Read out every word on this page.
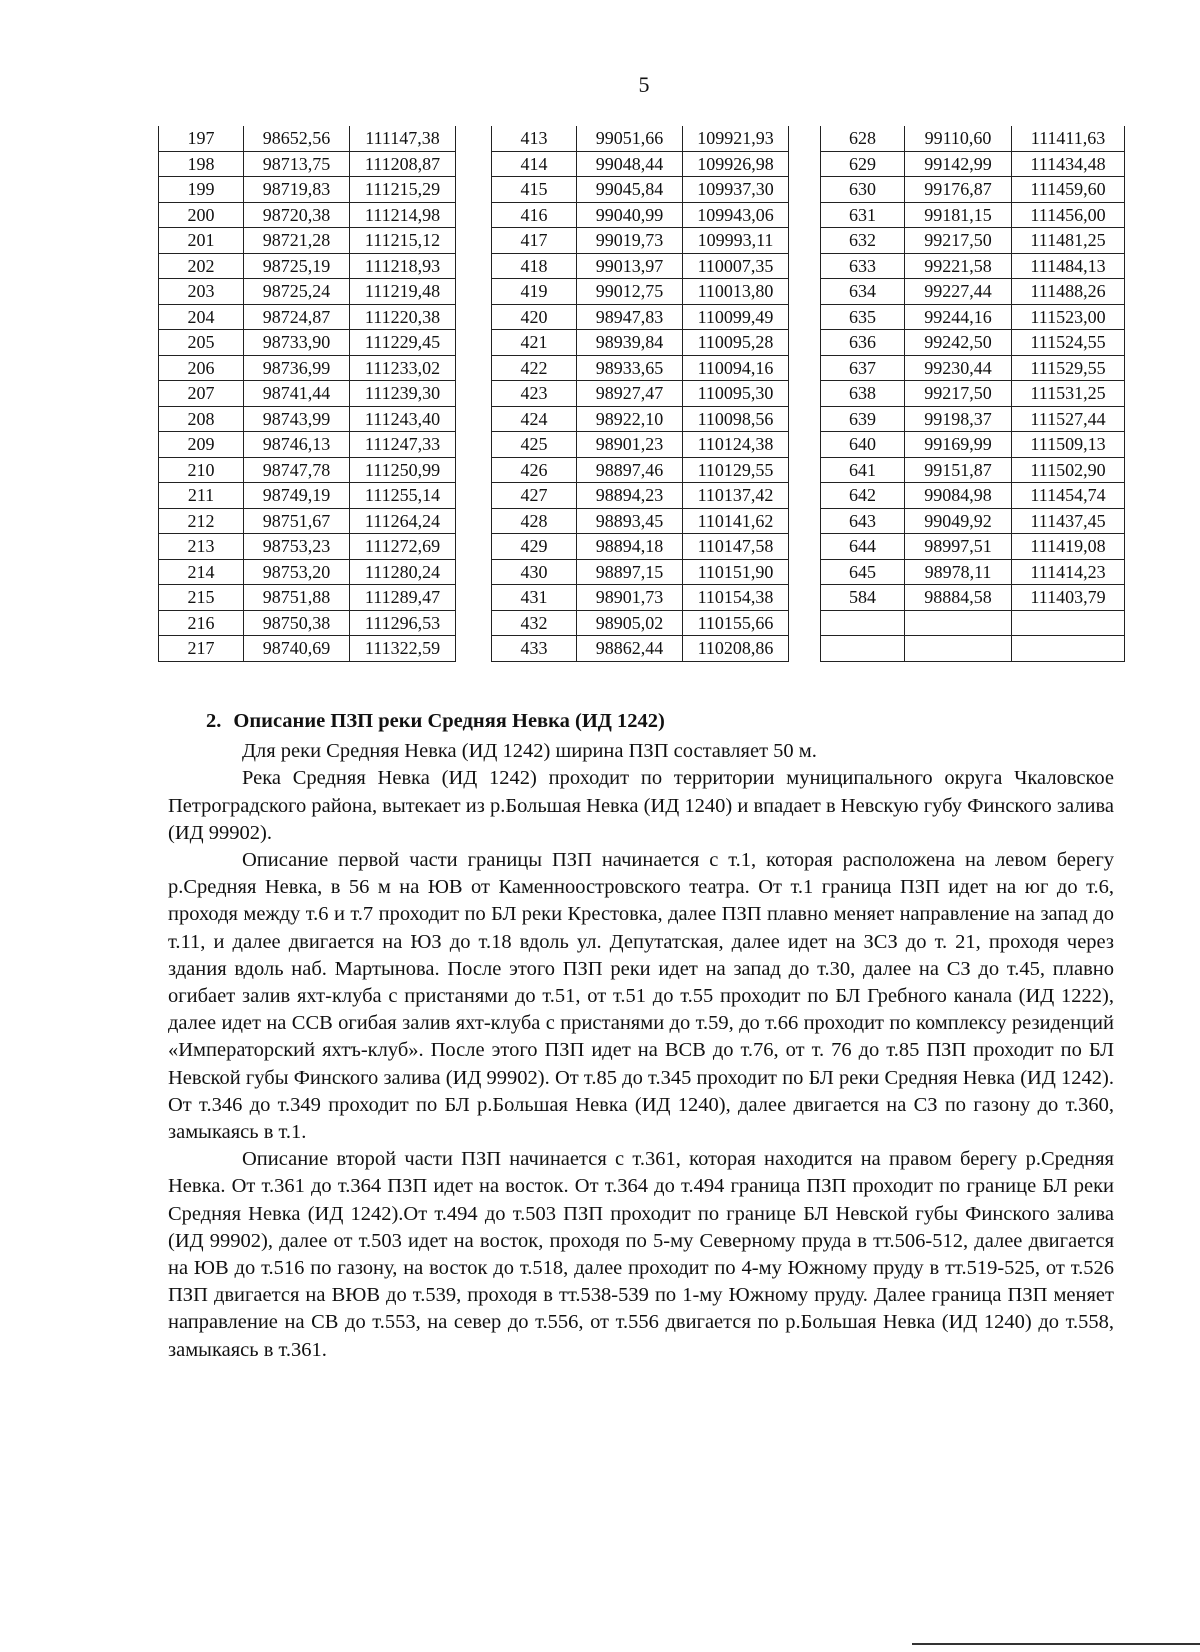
5
197	98652,56	111147,38
198	98713,75	111208,87
199	98719,83	111215,29
200	98720,38	111214,98
201	98721,28	111215,12
202	98725,19	111218,93
203	98725,24	111219,48
204	98724,87	111220,38
205	98733,90	111229,45
206	98736,99	111233,02
207	98741,44	111239,30
208	98743,99	111243,40
209	98746,13	111247,33
210	98747,78	111250,99
211	98749,19	111255,14
212	98751,67	111264,24
213	98753,23	111272,69
214	98753,20	111280,24
215	98751,88	111289,47
216	98750,38	111296,53
217	98740,69	111322,59
413	99051,66	109921,93
414	99048,44	109926,98
415	99045,84	109937,30
416	99040,99	109943,06
417	99019,73	109993,11
418	99013,97	110007,35
419	99012,75	110013,80
420	98947,83	110099,49
421	98939,84	110095,28
422	98933,65	110094,16
423	98927,47	110095,30
424	98922,10	110098,56
425	98901,23	110124,38
426	98897,46	110129,55
427	98894,23	110137,42
428	98893,45	110141,62
429	98894,18	110147,58
430	98897,15	110151,90
431	98901,73	110154,38
432	98905,02	110155,66
433	98862,44	110208,86
628	99110,60	111411,63
629	99142,99	111434,48
630	99176,87	111459,60
631	99181,15	111456,00
632	99217,50	111481,25
633	99221,58	111484,13
634	99227,44	111488,26
635	99244,16	111523,00
636	99242,50	111524,55
637	99230,44	111529,55
638	99217,50	111531,25
639	99198,37	111527,44
640	99169,99	111509,13
641	99151,87	111502,90
642	99084,98	111454,74
643	99049,92	111437,45
644	98997,51	111419,08
645	98978,11	111414,23
584	98884,58	111403,79

2. Описание ПЗП реки Средняя Невка (ИД 1242)

Для реки Средняя Невка (ИД 1242) ширина ПЗП составляет 50 м.

Река Средняя Невка (ИД 1242) проходит по территории муниципального округа Чкаловское Петроградского района, вытекает из р.Большая Невка (ИД 1240) и впадает в Невскую губу Финского залива (ИД 99902).

Описание первой части границы ПЗП начинается с т.1, которая расположена на левом берегу р.Средняя Невка, в 56 м на ЮВ от Каменноостровского театра. От т.1 граница ПЗП идет на юг до т.6, проходя между т.6 и т.7 проходит по БЛ реки Крестовка, далее ПЗП плавно меняет направление на запад до т.11, и далее двигается на ЮЗ до т.18 вдоль ул. Депутатская, далее идет на ЗСЗ до т. 21, проходя через здания вдоль наб. Мартынова. После этого ПЗП реки идет на запад до т.30, далее на СЗ до т.45, плавно огибает залив яхт-клуба с пристанями до т.51, от т.51 до т.55 проходит по БЛ Гребного канала (ИД 1222), далее идет на ССВ огибая залив яхт-клуба с пристанями до т.59, до т.66 проходит по комплексу резиденций «Императорский яхтъ-клуб». После этого ПЗП идет на ВСВ до т.76, от т. 76 до т.85 ПЗП проходит по БЛ Невской губы Финского залива (ИД 99902). От т.85 до т.345 проходит по БЛ реки Средняя Невка (ИД 1242). От т.346 до т.349 проходит по БЛ р.Большая Невка (ИД 1240), далее двигается на СЗ по газону до т.360, замыкаясь в т.1.

Описание второй части ПЗП начинается с т.361, которая находится на правом берегу р.Средняя Невка. От т.361 до т.364 ПЗП идет на восток. От т.364 до т.494 граница ПЗП проходит по границе БЛ реки Средняя Невка (ИД 1242).От т.494 до т.503 ПЗП проходит по границе БЛ Невской губы Финского залива (ИД 99902), далее от т.503 идет на восток, проходя по 5-му Северному пруда в тт.506-512, далее двигается на ЮВ до т.516 по газону, на восток до т.518, далее проходит по 4-му Южному пруду в тт.519-525, от т.526 ПЗП двигается на ВЮВ до т.539, проходя в тт.538-539 по 1-му Южному пруду. Далее граница ПЗП меняет направление на СВ до т.553, на север до т.556, от т.556 двигается по р.Большая Невка (ИД 1240) до т.558, замыкаясь в т.361.
